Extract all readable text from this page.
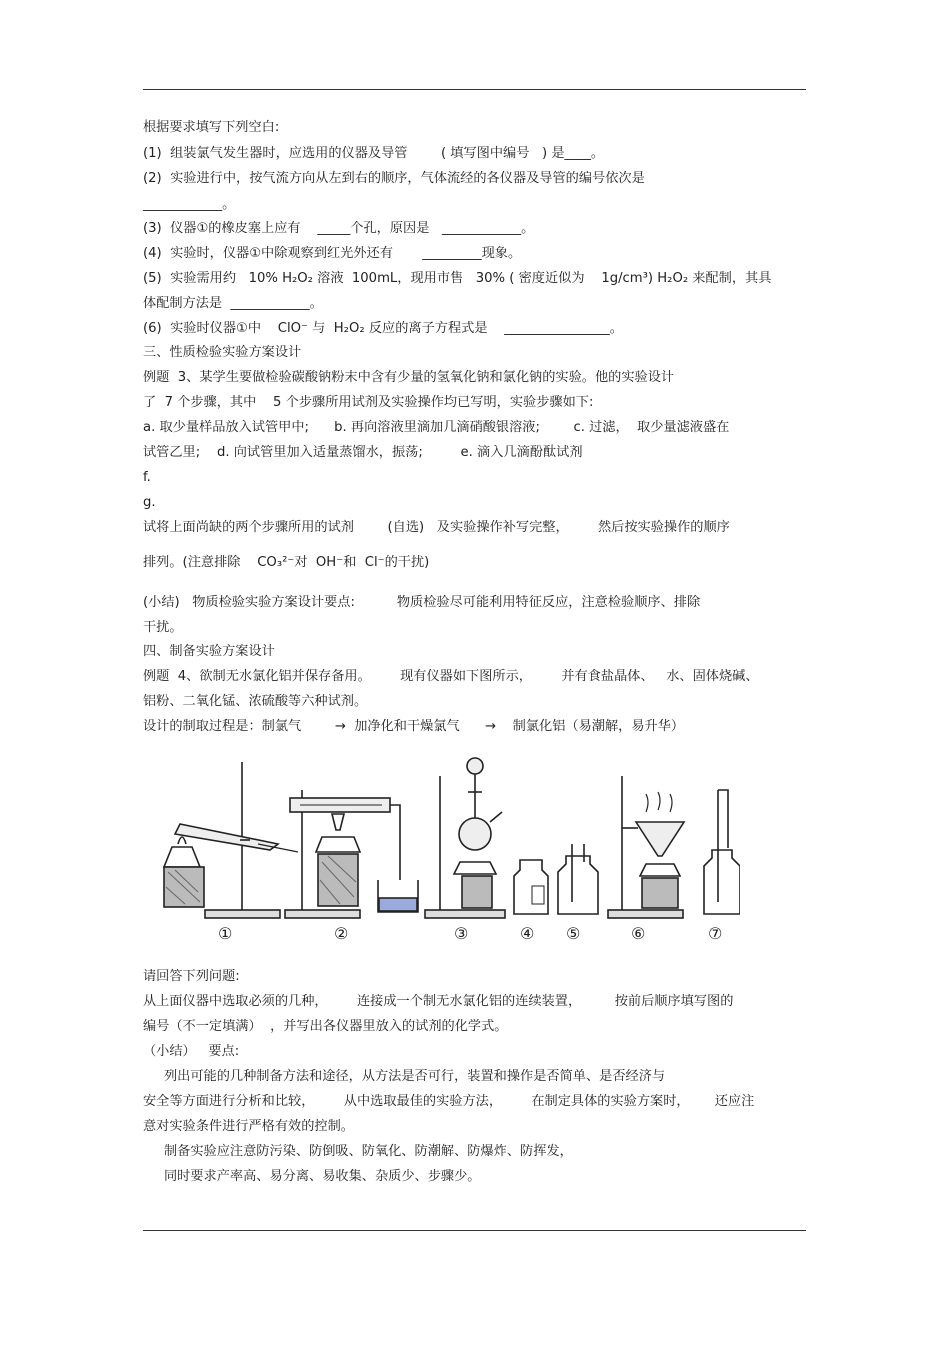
根据要求填写下列空白:
(1)  组装氯气发生器时，应选用的仪器及导管        ( 填写图中编号   ) 是____。
(2)  实验进行中，按气流方向从左到右的顺序，气体流经的各仪器及导管的编号依次是
____________。
(3)  仪器①的橡皮塞上应有    _____个孔，原因是   ____________。
(4)  实验时，仪器①中除观察到红光外还有       _________现象。
(5)  实验需用约   10% H₂O₂ 溶液  100mL，现用市售   30% ( 密度近似为    1g/cm³) H₂O₂ 来配制，其具
体配制方法是  ____________。
(6)  实验时仪器①中    ClO⁻ 与  H₂O₂ 反应的离子方程式是    ________________。
三、性质检验实验方案设计
例题  3、某学生要做检验碳酸钠粉末中含有少量的氢氧化钠和氯化钠的实验。他的实验设计
了  7 个步骤，其中    5 个步骤所用试剂及实验操作均已写明，实验步骤如下:
a. 取少量样品放入试管甲中;      b. 再向溶液里滴加几滴硝酸银溶液;        c. 过滤，  取少量滤液盛在
试管乙里;    d. 向试管里加入适量蒸馏水，振荡;         e. 滴入几滴酚酞试剂
f.
g.
试将上面尚缺的两个步骤所用的试剂        (自选)   及实验操作补写完整，       然后按实验操作的顺序
排列。(注意排除    CO₃²⁻对  OH⁻和  Cl⁻的干扰)
(小结)   物质检验实验方案设计要点:          物质检验尽可能利用特征反应，注意检验顺序、排除
干扰。
四、制备实验方案设计
例题  4、欲制无水氯化铝并保存备用。       现有仪器如下图所示，       并有食盐晶体、   水、固体烧碱、
铝粉、二氧化锰、浓硫酸等六种试剂。
设计的制取过程是：制氯气        →  加净化和干燥氯气      →    制氯化铝（易潮解，易升华）
请回答下列问题:
从上面仪器中选取必须的几种，       连接成一个制无水氯化铝的连续装置，        按前后顺序填写图的
编号（不一定填满）  ，并写出各仪器里放入的试剂的化学式。
（小结）   要点:
列出可能的几种制备方法和途径，从方法是否可行，装置和操作是否简单、是否经济与
安全等方面进行分析和比较，       从中选取最佳的实验方法，       在制定具体的实验方案时，      还应注
意对实验条件进行严格有效的控制。
制备实验应注意防污染、防倒吸、防氧化、防潮解、防爆炸、防挥发，
同时要求产率高、易分离、易收集、杂质少、步骤少。
①	②	③	④ ⑤	⑥	⑦
